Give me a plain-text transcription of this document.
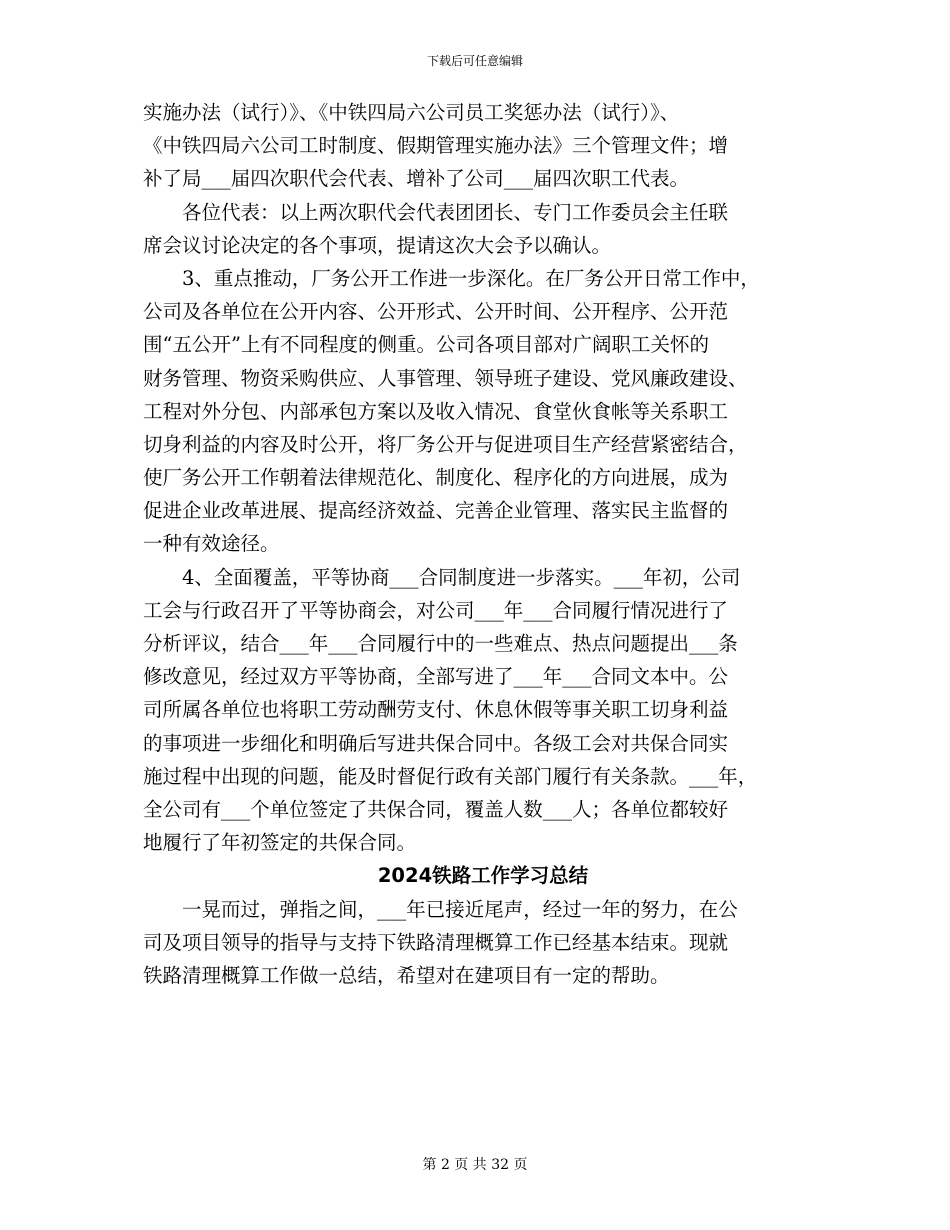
下载后可任意编辑
实施办法（试行）》、《中铁四局六公司员工奖惩办法（试行）》、
《中铁四局六公司工时制度、假期管理实施办法》三个管理文件；增
补了局___届四次职代会代表、增补了公司___届四次职工代表。
　　各位代表：以上两次职代会代表团团长、专门工作委员会主任联
席会议讨论决定的各个事项，提请这次大会予以确认。
　　3、重点推动，厂务公开工作进一步深化。在厂务公开日常工作中，
公司及各单位在公开内容、公开形式、公开时间、公开程序、公开范
围“五公开”上有不同程度的侧重。公司各项目部对广阔职工关怀的
财务管理、物资采购供应、人事管理、领导班子建设、党风廉政建设、
工程对外分包、内部承包方案以及收入情况、食堂伙食帐等关系职工
切身利益的内容及时公开，将厂务公开与促进项目生产经营紧密结合，
使厂务公开工作朝着法律规范化、制度化、程序化的方向进展，成为
促进企业改革进展、提高经济效益、完善企业管理、落实民主监督的
一种有效途径。
　　4、全面覆盖，平等协商___合同制度进一步落实。___年初，公司
工会与行政召开了平等协商会，对公司___年___合同履行情况进行了
分析评议，结合___年___合同履行中的一些难点、热点问题提出___条
修改意见，经过双方平等协商，全部写进了___年___合同文本中。公
司所属各单位也将职工劳动酬劳支付、休息休假等事关职工切身利益
的事项进一步细化和明确后写进共保合同中。各级工会对共保合同实
施过程中出现的问题，能及时督促行政有关部门履行有关条款。___年，
全公司有___个单位签定了共保合同，覆盖人数___人；各单位都较好
地履行了年初签定的共保合同。
2024铁路工作学习总结
　　一晃而过，弹指之间，___年已接近尾声，经过一年的努力，在公
司及项目领导的指导与支持下铁路清理概算工作已经基本结束。现就
铁路清理概算工作做一总结，希望对在建项目有一定的帮助。
第 2 页 共 32 页
